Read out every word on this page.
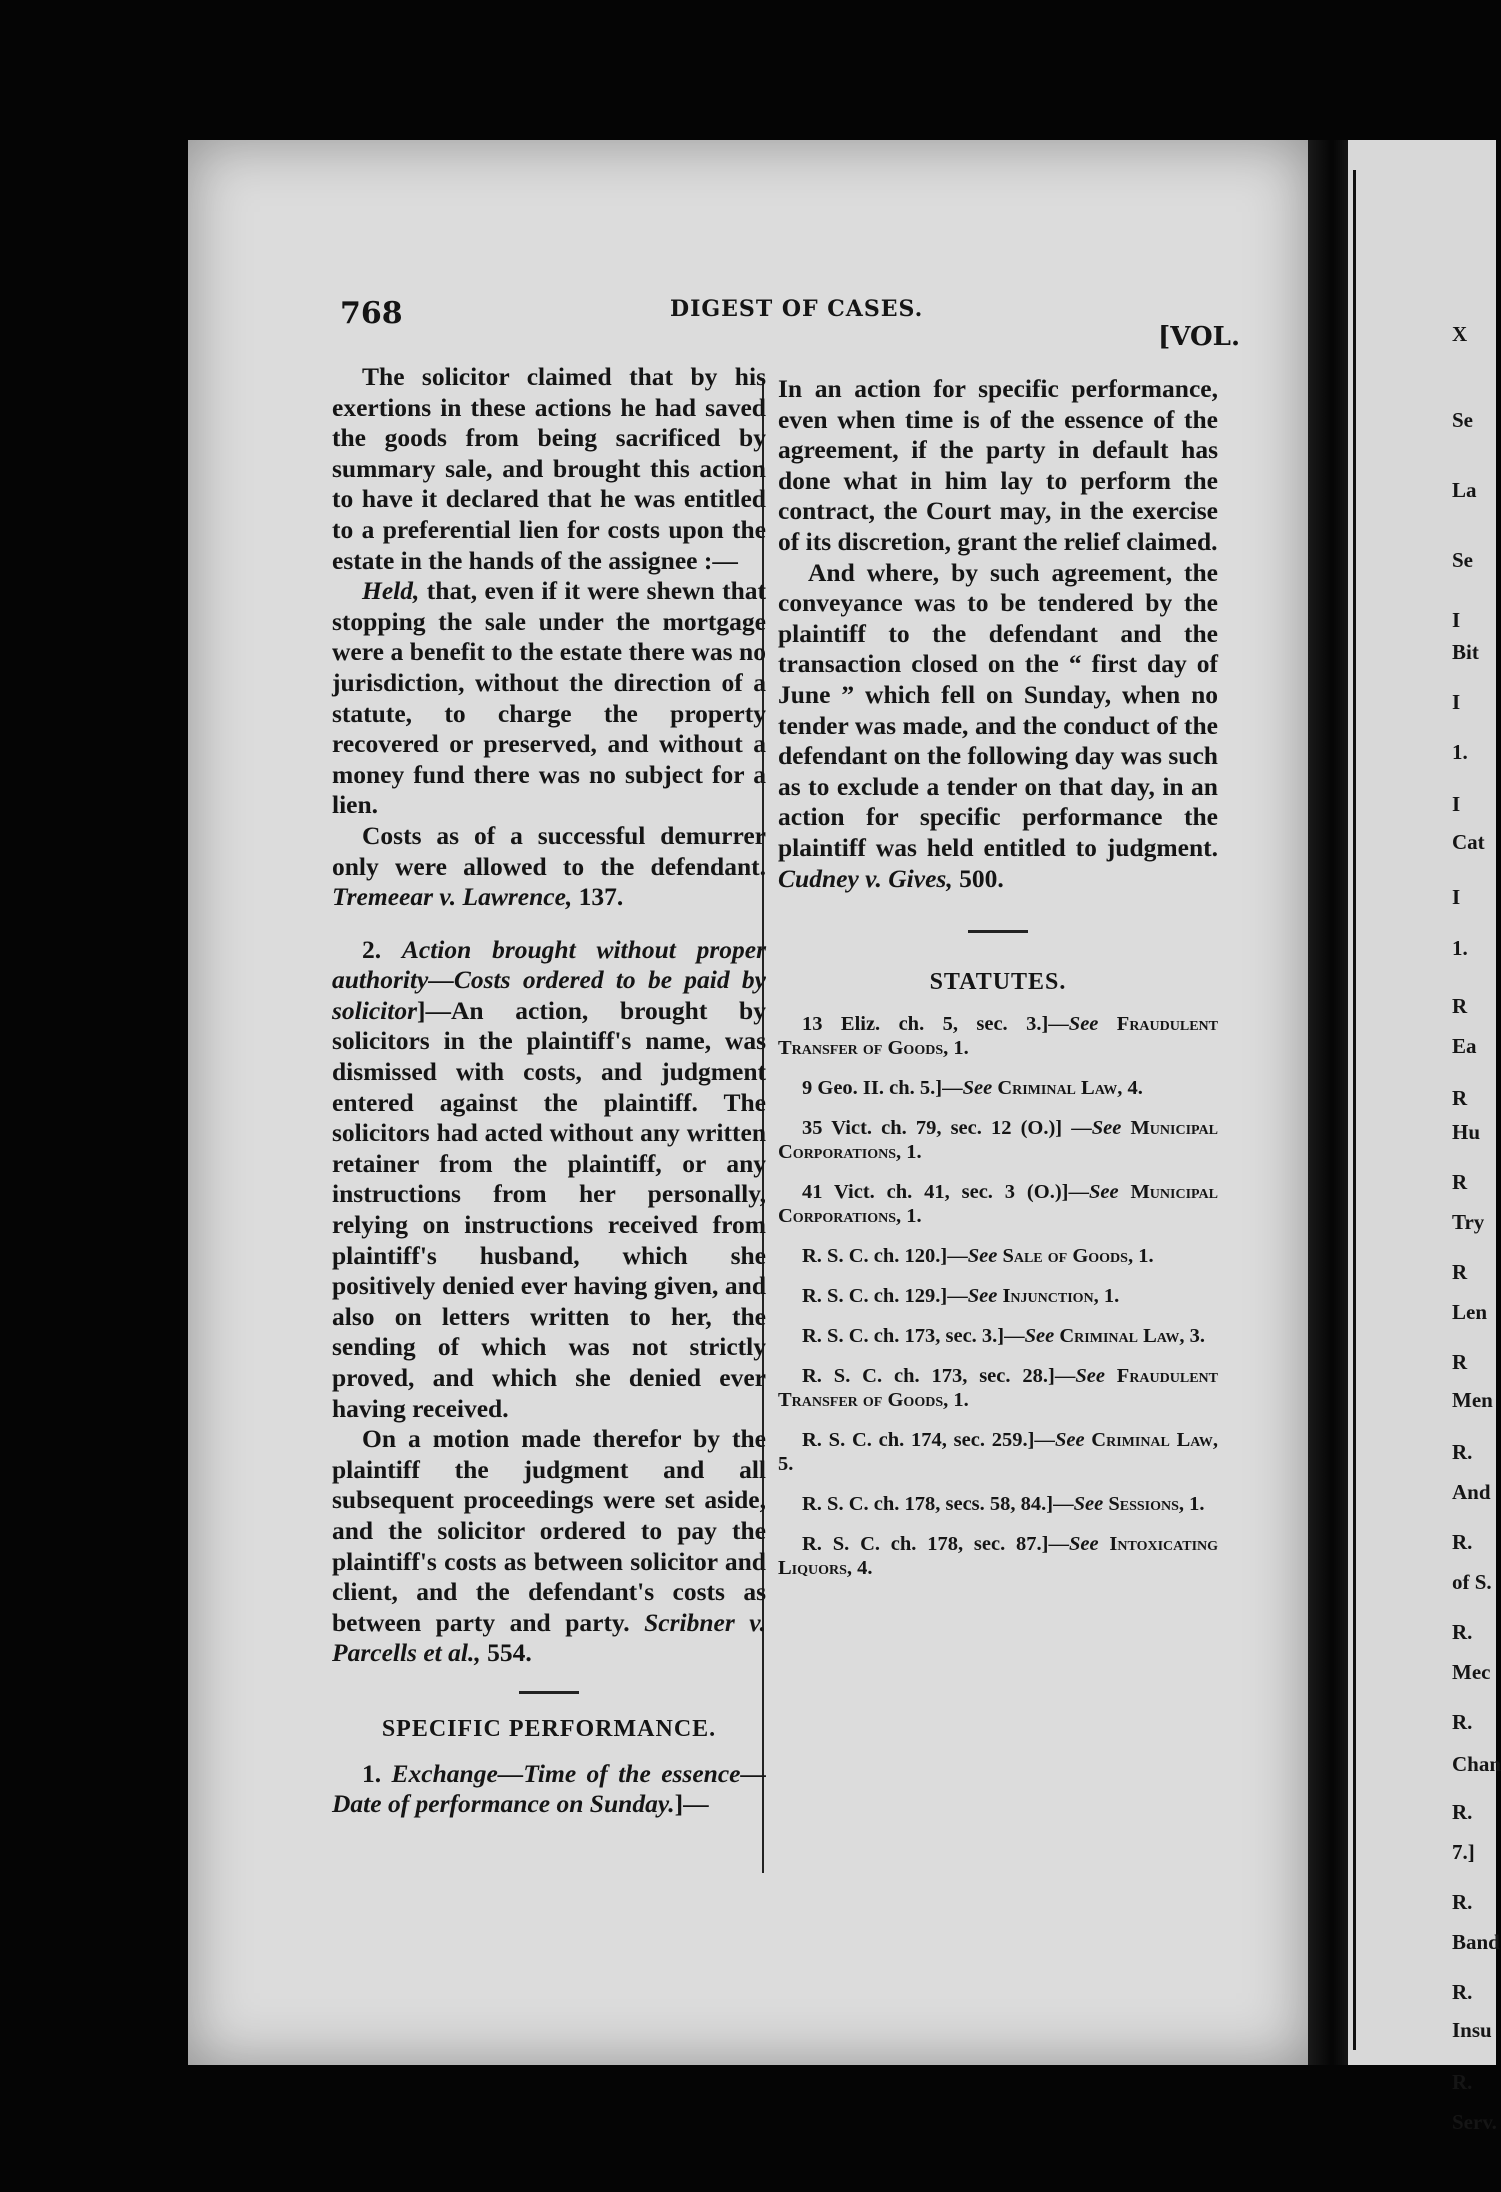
768	DIGEST OF CASES.
[VOL.

The solicitor claimed that by his exertions in these actions he had saved the goods from being sacrificed by summary sale, and brought this action to have it declared that he was entitled to a preferential lien for costs upon the estate in the hands of the assignee :—

Held, that, even if it were shewn that stopping the sale under the mortgage were a benefit to the estate there was no jurisdiction, without the direction of a statute, to charge the property recovered or preserved, and without a money fund there was no subject for a lien.

Costs as of a successful demurrer only were allowed to the defendant. Tremeear v. Lawrence, 137.

2. Action brought without proper authority—Costs ordered to be paid by solicitor]—An action, brought by solicitors in the plaintiff's name, was dismissed with costs, and judgment entered against the plaintiff. The solicitors had acted without any written retainer from the plaintiff, or any instructions from her personally, relying on instructions received from plaintiff's husband, which she positively denied ever having given, and also on letters written to her, the sending of which was not strictly proved, and which she denied ever having received.

On a motion made therefor by the plaintiff the judgment and all subsequent proceedings were set aside, and the solicitor ordered to pay the plaintiff's costs as between solicitor and client, and the defendant's costs as between party and party. Scribner v. Parcells et al., 554.

SPECIFIC PERFORMANCE.

1. Exchange—Time of the essence—Date of performance on Sunday.]—

In an action for specific performance, even when time is of the essence of the agreement, if the party in default has done what in him lay to perform the contract, the Court may, in the exercise of its discretion, grant the relief claimed.

And where, by such agreement, the conveyance was to be tendered by the plaintiff to the defendant and the transaction closed on the “ first day of June ” which fell on Sunday, when no tender was made, and the conduct of the defendant on the following day was such as to exclude a tender on that day, in an action for specific performance the plaintiff was held entitled to judgment. Cudney v. Gives, 500.

STATUTES.

13 Eliz. ch. 5, sec. 3.]—See Fraudulent Transfer of Goods, 1.

9 Geo. II. ch. 5.]—See Criminal Law, 4.

35 Vict. ch. 79, sec. 12 (O.)] —See Municipal Corporations, 1.

41 Vict. ch. 41, sec. 3 (O.)]—See Municipal Corporations, 1.

R. S. C. ch. 120.]—See Sale of Goods, 1.

R. S. C. ch. 129.]—See Injunction, 1.

R. S. C. ch. 173, sec. 3.]—See Criminal Law, 3.

R. S. C. ch. 173, sec. 28.]—See Fraudulent Transfer of Goods, 1.

R. S. C. ch. 174, sec. 259.]—See Criminal Law, 5.

R. S. C. ch. 178, secs. 58, 84.]—See Sessions, 1.

R. S. C. ch. 178, sec. 87.]—See Intoxicating Liquors, 4.

X
Se
La
Se
I
Bit
I
1.
I
Cat
I
1.
R
Ea
R
Hu
R
Try
R
Len
R
Men
R.
And
R.
of S.
R.
Mec
R.
Chan
R.
7.]
R.
Band
R.
Insu
R.
Serv.
